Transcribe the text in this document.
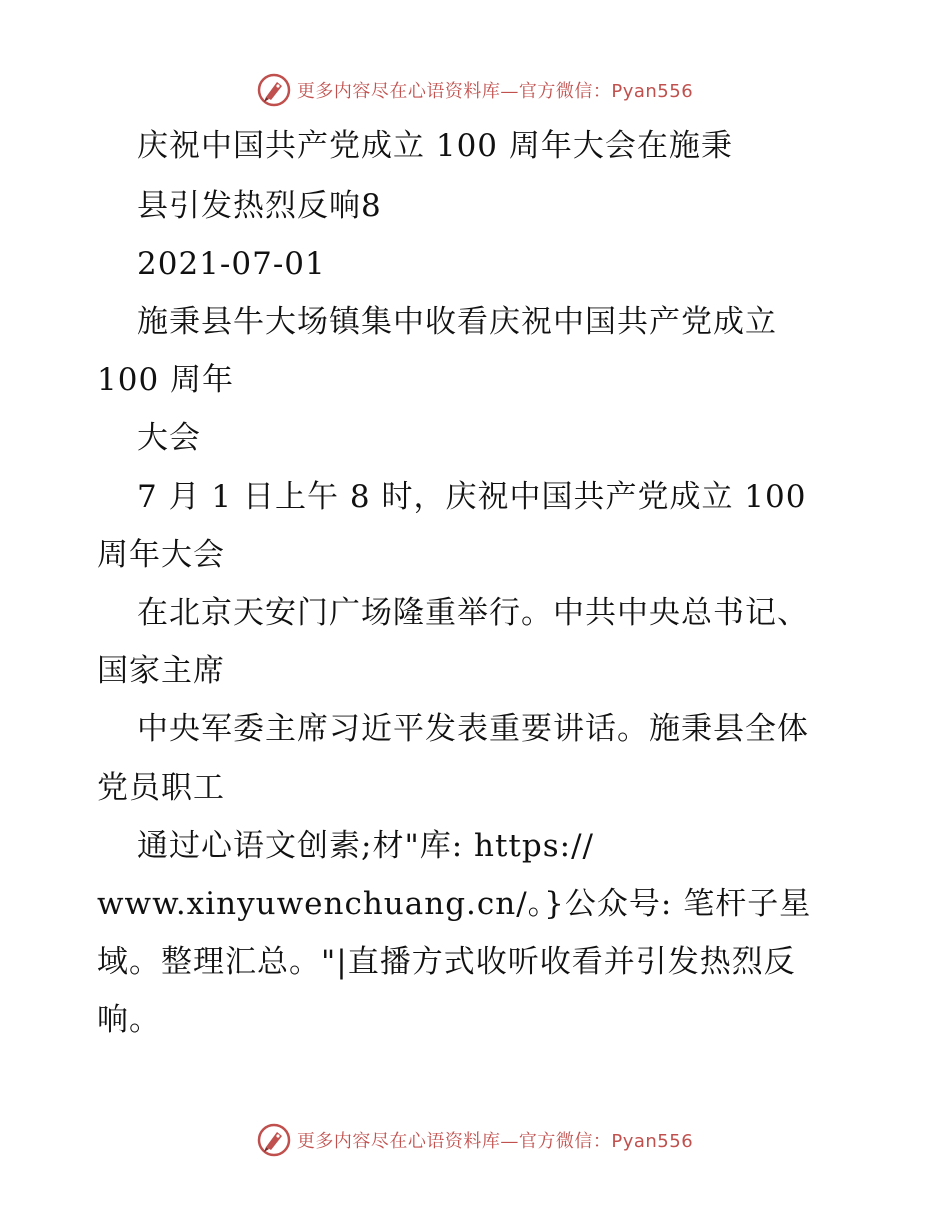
更多内容尽在心语资料库—官方微信：Pyan556
庆祝中国共产党成立 100 周年大会在施秉
县引发热烈反响8
2021-07-01
施秉县牛大场镇集中收看庆祝中国共产党成立
100 周年
大会
7 月 1 日上午 8 时，庆祝中国共产党成立 100
周年大会
在北京天安门广场隆重举行。中共中央总书记、
国家主席
中央军委主席习近平发表重要讲话。施秉县全体
党员职工
通过心语文创素;材"库: https://
www.xinyuwenchuang.cn/。}公众号: 笔杆子星
域。整理汇总。"|直播方式收听收看并引发热烈反
响。
更多内容尽在心语资料库—官方微信：Pyan556
